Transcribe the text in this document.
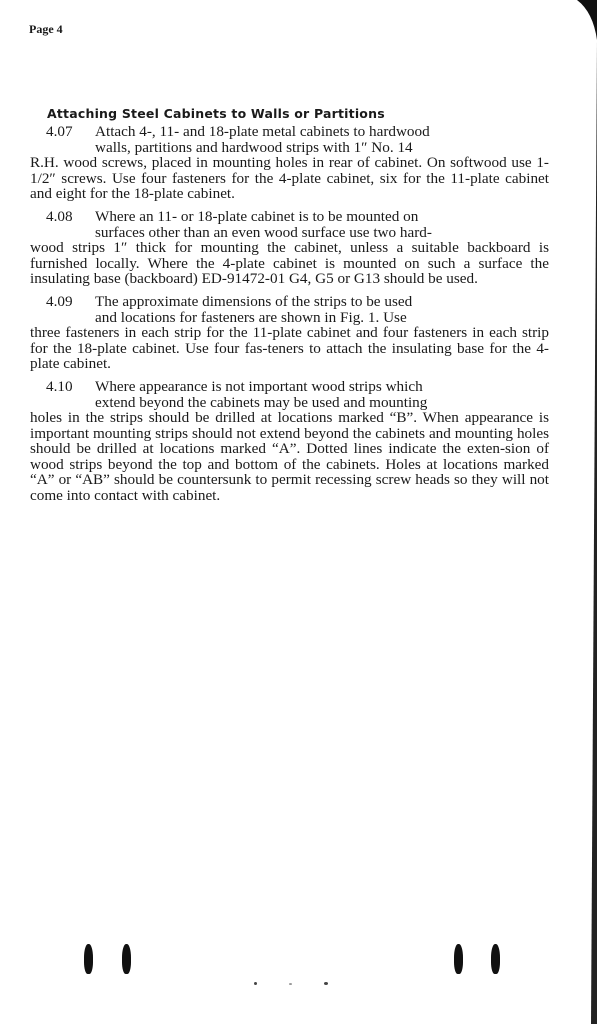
Page 4
Attaching Steel Cabinets to Walls or Partitions

4.07 Attach 4-, 11- and 18-plate metal cabinets to hardwood
walls, partitions and hardwood strips with 1″ No. 14
R.H. wood screws, placed in mounting holes in rear of cabinet. On softwood use 1-1/2″ screws. Use four fasteners for the 4-plate cabinet, six for the 11-plate cabinet and eight for the 18-plate cabinet.

4.08 Where an 11- or 18-plate cabinet is to be mounted on
surfaces other than an even wood surface use two hard-
wood strips 1″ thick for mounting the cabinet, unless a suitable backboard is furnished locally. Where the 4-plate cabinet is mounted on such a surface the insulating base (backboard) ED-91472-01 G4, G5 or G13 should be used.

4.09 The approximate dimensions of the strips to be used
and locations for fasteners are shown in Fig. 1. Use
three fasteners in each strip for the 11-plate cabinet and four fasteners in each strip for the 18-plate cabinet. Use four fas-teners to attach the insulating base for the 4-plate cabinet.

4.10 Where appearance is not important wood strips which
extend beyond the cabinets may be used and mounting
holes in the strips should be drilled at locations marked “B”. When appearance is important mounting strips should not extend beyond the cabinets and mounting holes should be drilled at locations marked “A”. Dotted lines indicate the exten-sion of wood strips beyond the top and bottom of the cabinets. Holes at locations marked “A” or “AB” should be countersunk to permit recessing screw heads so they will not come into contact with cabinet.
